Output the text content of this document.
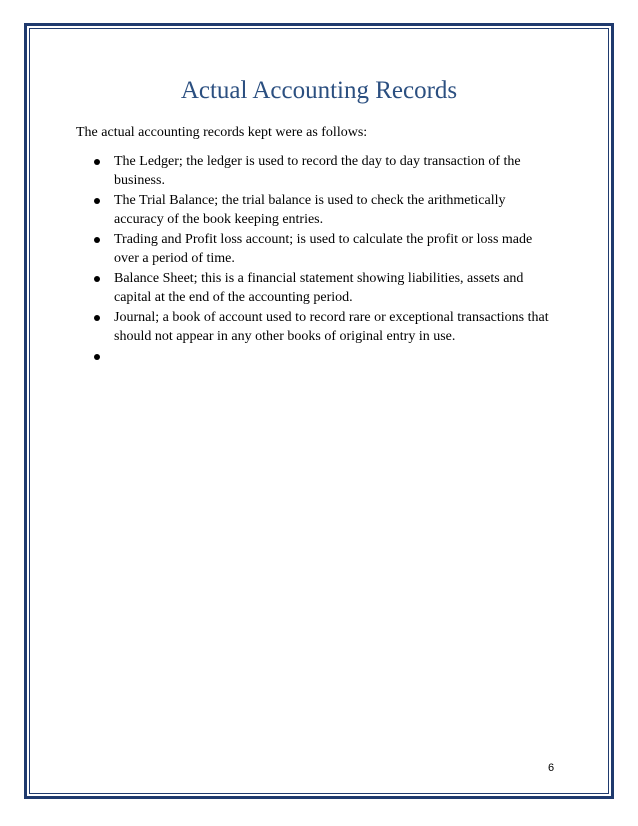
Actual Accounting Records

The actual accounting records kept were as follows:

The Ledger; the ledger is used to record the day to day transaction of the business.
The Trial Balance; the trial balance is used to check the arithmetically accuracy of the book keeping entries.
Trading and Profit loss account; is used to calculate the profit or loss made over a period of time.
Balance Sheet; this is a financial statement showing liabilities, assets and capital at the end of the accounting period.
Journal; a book of account used to record rare or exceptional transactions that should not appear in any other books of original entry in use.

6
